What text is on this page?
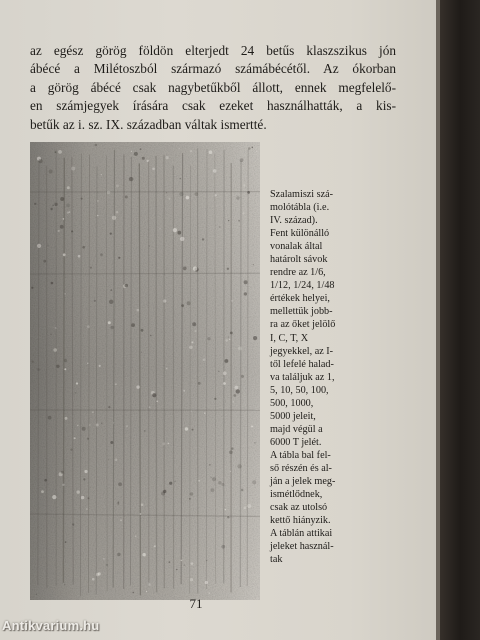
az egész görög földön elterjedt 24 betűs klaszszikus jón
ábécé a Milétoszból származó számábécétől. Az ókorban
a görög ábécé csak nagybetűkből állott, ennek megfelelő-
en számjegyek írására csak ezeket használhatták, a kis-
betűk az i. sz. IX. században váltak ismertté.
Szalamiszi szá-
molótábla (i.e.
IV. század).
Fent különálló
vonalak által
határolt sávok
rendre az 1/6,
1/12, 1/24, 1/48
értékek helyei,
mellettük jobb-
ra az őket jelölő
I, C, T, X
jegyekkel, az I-
től lefelé halad-
va találjuk az 1,
5, 10, 50, 100,
500, 1000,
5000 jeleit,
majd végül a
6000 T jelét.
A tábla bal fel-
ső részén és al-
ján a jelek meg-
ismétlődnek,
csak az utolsó
kettő hiányzik.
A táblán attikai
jeleket használ-
tak
71
Antikvarium.hu
